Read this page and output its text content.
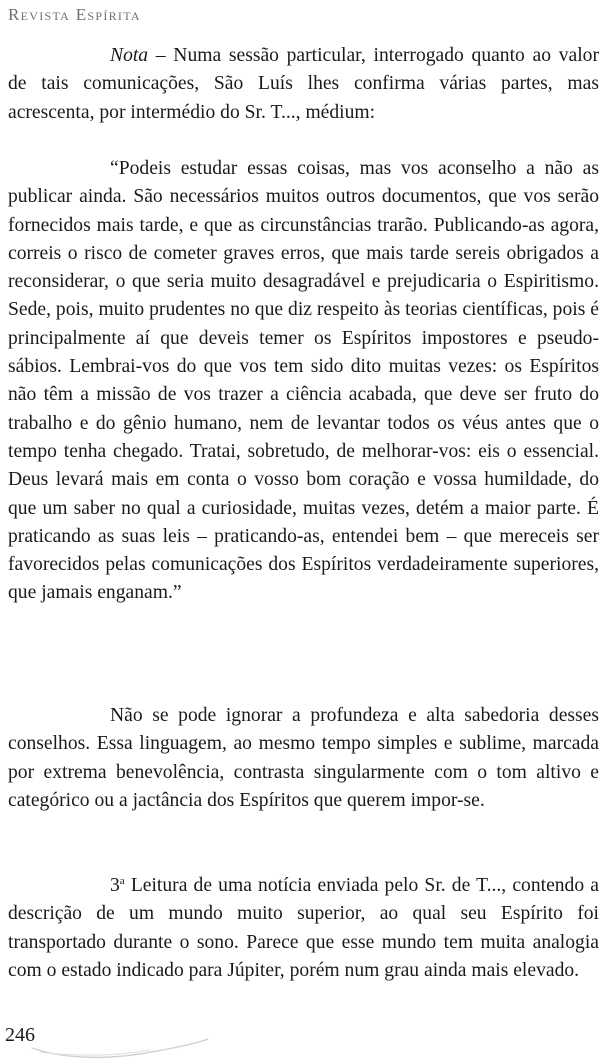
Revista Espírita

Nota – Numa sessão particular, interrogado quanto ao valor de tais comunicações, São Luís lhes confirma várias partes, mas acrescenta, por intermédio do Sr. T..., médium:

“Podeis estudar essas coisas, mas vos aconselho a não as publicar ainda. São necessários muitos outros documentos, que vos serão fornecidos mais tarde, e que as circunstâncias trarão. Publicando-as agora, correis o risco de cometer graves erros, que mais tarde sereis obrigados a reconsiderar, o que seria muito desagradável e prejudicaria o Espiritismo. Sede, pois, muito prudentes no que diz respeito às teorias científicas, pois é principalmente aí que deveis temer os Espíritos impostores e pseudo-sábios. Lembrai-vos do que vos tem sido dito muitas vezes: os Espíritos não têm a missão de vos trazer a ciência acabada, que deve ser fruto do trabalho e do gênio humano, nem de levantar todos os véus antes que o tempo tenha chegado. Tratai, sobretudo, de melhorar-vos: eis o essencial. Deus levará mais em conta o vosso bom coração e vossa humildade, do que um saber no qual a curiosidade, muitas vezes, detém a maior parte. É praticando as suas leis – praticando-as, entendei bem – que mereceis ser favorecidos pelas comunicações dos Espíritos verdadeiramente superiores, que jamais enganam.”

Não se pode ignorar a profundeza e alta sabedoria desses conselhos. Essa linguagem, ao mesmo tempo simples e sublime, marcada por extrema benevolência, contrasta singularmente com o tom altivo e categórico ou a jactância dos Espíritos que querem impor-se.

3$^a$ Leitura de uma notícia enviada pelo Sr. de T..., contendo a descrição de um mundo muito superior, ao qual seu Espírito foi transportado durante o sono. Parece que esse mundo tem muita analogia com o estado indicado para Júpiter, porém num grau ainda mais elevado.

246
